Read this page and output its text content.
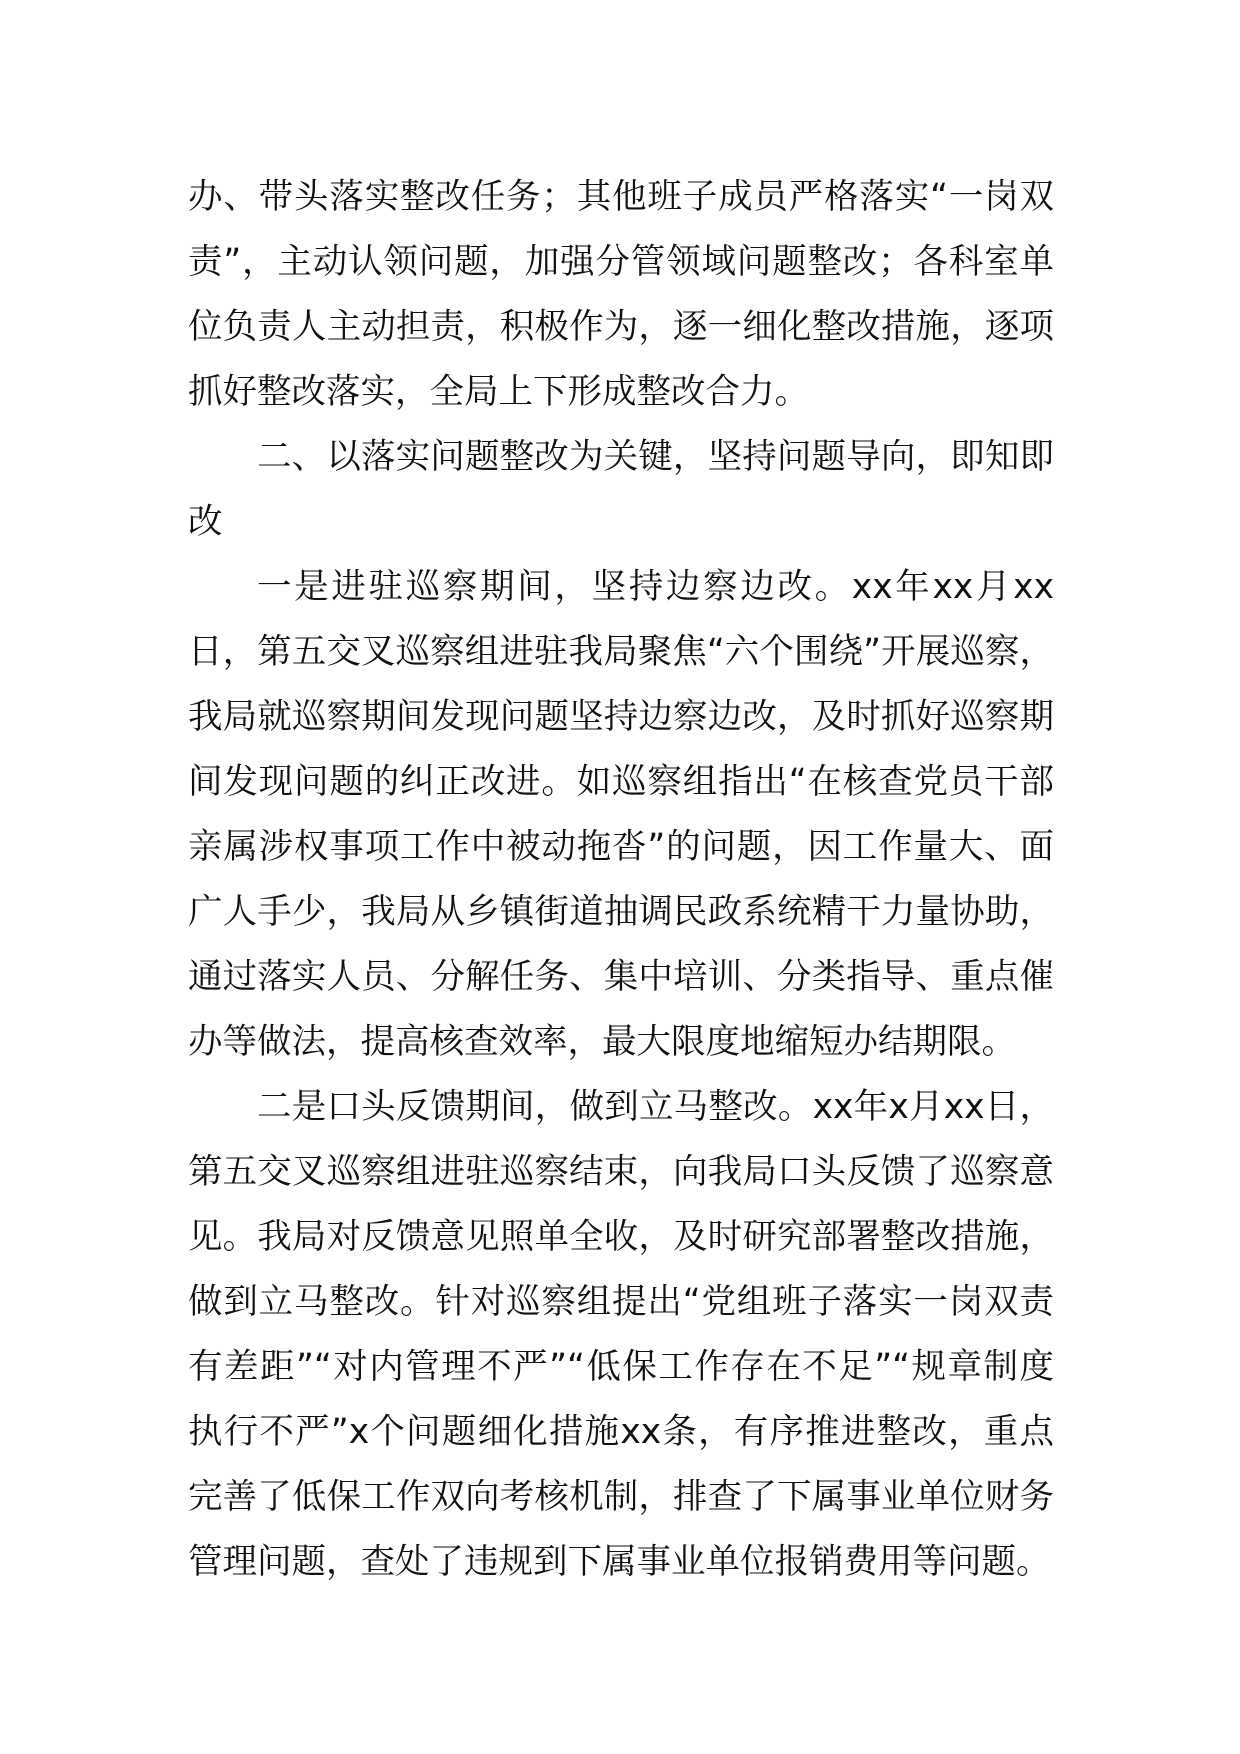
办、带头落实整改任务；其他班子成员严格落实“一岗双责”，主动认领问题，加强分管领域问题整改；各科室单位负责人主动担责，积极作为，逐一细化整改措施，逐项抓好整改落实，全局上下形成整改合力。

二、以落实问题整改为关键，坚持问题导向，即知即改

一是进驻巡察期间，坚持边察边改。xx年xx月xx日，第五交叉巡察组进驻我局聚焦“六个围绕”开展巡察，我局就巡察期间发现问题坚持边察边改，及时抓好巡察期间发现问题的纠正改进。如巡察组指出“在核查党员干部亲属涉权事项工作中被动拖沓”的问题，因工作量大、面广人手少，我局从乡镇街道抽调民政系统精干力量协助，通过落实人员、分解任务、集中培训、分类指导、重点催办等做法，提高核查效率，最大限度地缩短办结期限。

二是口头反馈期间，做到立马整改。xx年x月xx日，第五交叉巡察组进驻巡察结束，向我局口头反馈了巡察意见。我局对反馈意见照单全收，及时研究部署整改措施，做到立马整改。针对巡察组提出“党组班子落实一岗双责有差距”“对内管理不严”“低保工作存在不足”“规章制度执行不严”x个问题细化措施xx条，有序推进整改，重点完善了低保工作双向考核机制，排查了下属事业单位财务管理问题，查处了违规到下属事业单位报销费用等问题。
